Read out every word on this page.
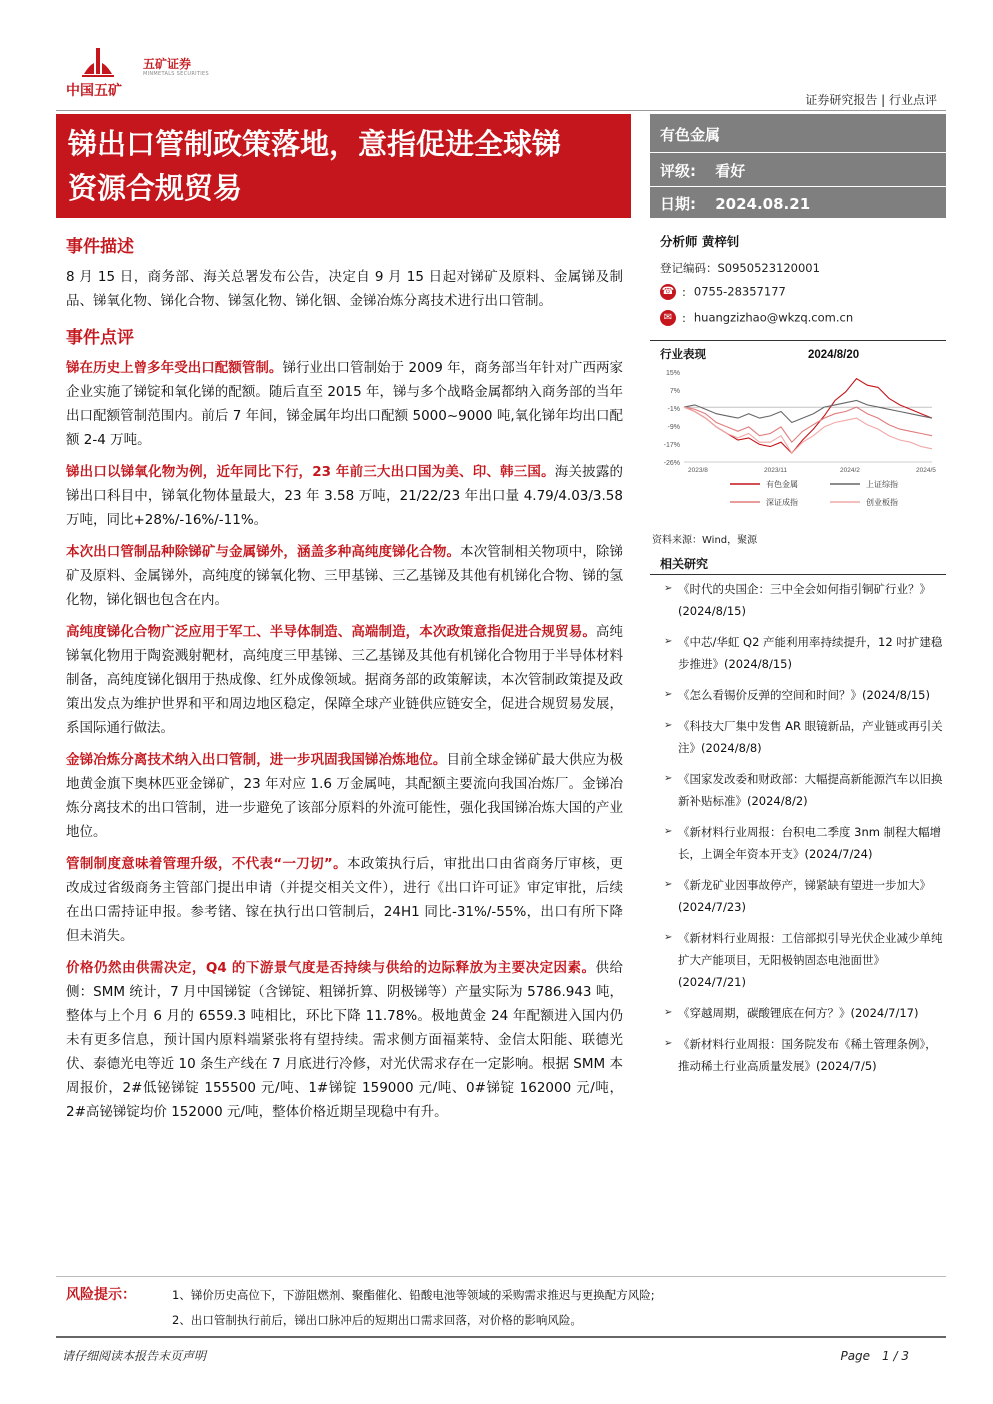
中国五矿
五矿证券
MINMETALS SECURITIES
证券研究报告 | 行业点评
锑出口管制政策落地，意指促进全球锑
资源合规贸易
有色金属
评级: 看好
日期: 2024.08.21
事件描述
8 月 15 日，商务部、海关总署发布公告，决定自 9 月 15 日起对锑矿及原料、金属锑及制品、锑氧化物、锑化合物、锑氢化物、锑化铟、金锑冶炼分离技术进行出口管制。
事件点评
锑在历史上曾多年受出口配额管制。锑行业出口管制始于 2009 年，商务部当年针对广西两家企业实施了锑锭和氧化锑的配额。随后直至 2015 年，锑与多个战略金属都纳入商务部的当年出口配额管制范围内。前后 7 年间，锑金属年均出口配额 5000~9000 吨,氧化锑年均出口配额 2-4 万吨。
锑出口以锑氧化物为例，近年同比下行，23 年前三大出口国为美、印、韩三国。海关披露的锑出口科目中，锑氧化物体量最大，23 年 3.58 万吨，21/22/23 年出口量 4.79/4.03/3.58 万吨，同比+28%/-16%/-11%。
本次出口管制品种除锑矿与金属锑外，涵盖多种高纯度锑化合物。本次管制相关物项中，除锑矿及原料、金属锑外，高纯度的锑氧化物、三甲基锑、三乙基锑及其他有机锑化合物、锑的氢化物，锑化铟也包含在内。
高纯度锑化合物广泛应用于军工、半导体制造、高端制造，本次政策意指促进合规贸易。高纯锑氧化物用于陶瓷溅射靶材，高纯度三甲基锑、三乙基锑及其他有机锑化合物用于半导体材料制备，高纯度锑化铟用于热成像、红外成像领域。据商务部的政策解读，本次管制政策提及政策出发点为维护世界和平和周边地区稳定，保障全球产业链供应链安全，促进合规贸易发展，系国际通行做法。
金锑冶炼分离技术纳入出口管制，进一步巩固我国锑冶炼地位。目前全球金锑矿最大供应为极地黄金旗下奥林匹亚金锑矿，23 年对应 1.6 万金属吨，其配额主要流向我国冶炼厂。金锑冶炼分离技术的出口管制，进一步避免了该部分原料的外流可能性，强化我国锑冶炼大国的产业地位。
管制制度意味着管理升级，不代表“一刀切”。本政策执行后，审批出口由省商务厅审核，更改成过省级商务主管部门提出申请（并提交相关文件），进行《出口许可证》审定审批，后续在出口需持证申报。参考锗、镓在执行出口管制后，24H1 同比-31%/-55%，出口有所下降但未消失。
价格仍然由供需决定，Q4 的下游景气度是否持续与供给的边际释放为主要决定因素。供给侧：SMM 统计，7 月中国锑锭（含锑锭、粗锑折算、阴极锑等）产量实际为 5786.943 吨，整体与上个月 6 月的 6559.3 吨相比，环比下降 11.78%。极地黄金 24 年配额进入国内仍未有更多信息，预计国内原料端紧张将有望持续。需求侧方面福莱特、金信太阳能、联德光伏、泰德光电等近 10 条生产线在 7 月底进行冷修，对光伏需求存在一定影响。根据 SMM 本周报价，2#低铋锑锭 155500 元/吨、1#锑锭 159000 元/吨、0#锑锭 162000 元/吨，2#高铋锑锭均价 152000 元/吨，整体价格近期呈现稳中有升。
分析师 黄梓钊
登记编码：S0950523120001
☎ : 0755-28357177
✉ : huangzizhao@wkzq.com.cn
行业表现	2024/8/20
15%
7%
-1%
-9%
-17%
-26%
2023/8	2023/11	2024/2	2024/5
有色金属	上证综指
深证成指	创业板指
资料来源：Wind，聚源
相关研究
➢ 《时代的央国企：三中全会如何指引铜矿行业？》(2024/8/15)
➢ 《中芯/华虹 Q2 产能利用率持续提升，12 吋扩建稳步推进》(2024/8/15)
➢ 《怎么看锡价反弹的空间和时间？》(2024/8/15)
➢ 《科技大厂集中发售 AR 眼镜新品，产业链或再引关注》(2024/8/8)
➢ 《国家发改委和财政部：大幅提高新能源汽车以旧换新补贴标准》(2024/8/2)
➢ 《新材料行业周报：台积电二季度 3nm 制程大幅增长，上调全年资本开支》(2024/7/24)
➢ 《新龙矿业因事故停产，锑紧缺有望进一步加大》(2024/7/23)
➢ 《新材料行业周报：工信部拟引导光伏企业减少单纯扩大产能项目，无阳极钠固态电池面世》(2024/7/21)
➢ 《穿越周期，碳酸锂底在何方？》(2024/7/17)
➢ 《新材料行业周报：国务院发布《稀土管理条例》，推动稀土行业高质量发展》(2024/7/5)
风险提示：	1、锑价历史高位下，下游阻燃剂、聚酯催化、铅酸电池等领域的采购需求推迟与更换配方风险;
2、出口管制执行前后，锑出口脉冲后的短期出口需求回落，对价格的影响风险。
请仔细阅读本报告末页声明	Page　1 / 3
